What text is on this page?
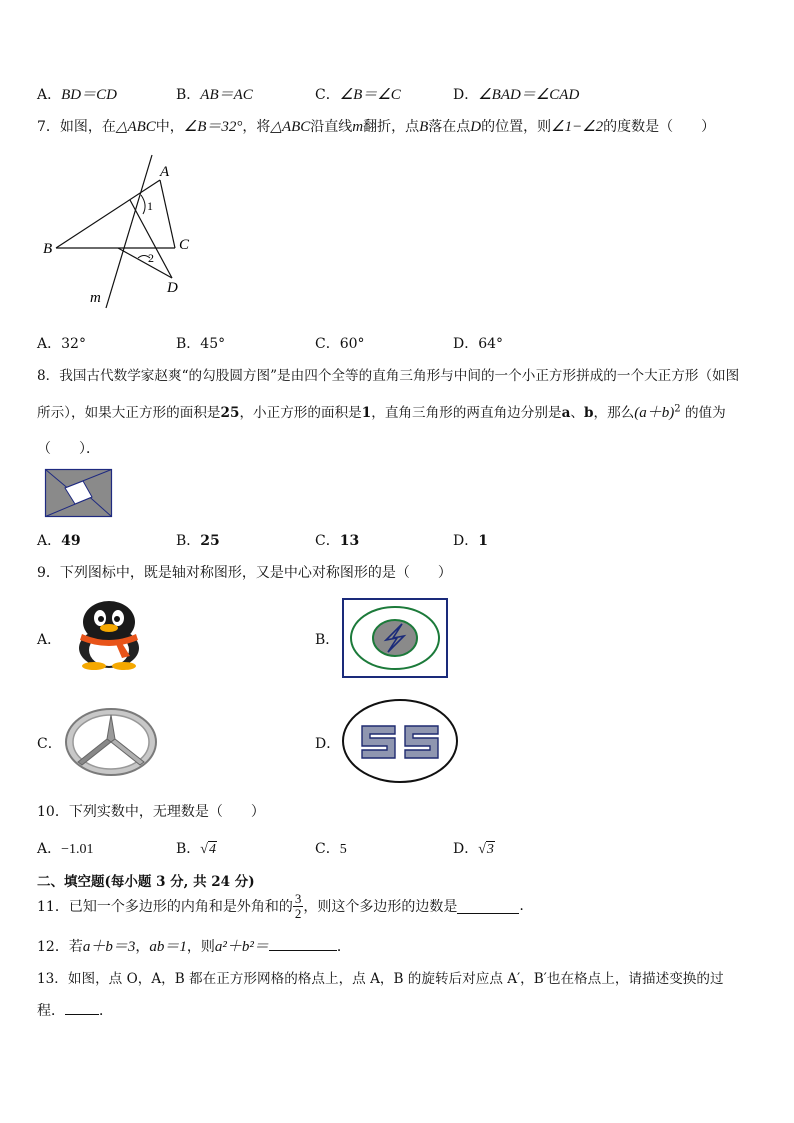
A．BD＝CD	B．AB＝AC	C．∠B＝∠C	D．∠BAD＝∠CAD
7．如图，在△ABC中，∠B＝32°，将△ABC沿直线m翻折，点B落在点D的位置，则∠1−∠2的度数是（　　）
A
B	C
D
1
2
m
A．32°	B．45°	C．60°	D．64°
8．我国古代数学家赵爽“的勾股圆方图”是由四个全等的直角三角形与中间的一个小正方形拼成的一个大正方形（如图
所示），如果大正方形的面积是25，小正方形的面积是1，直角三角形的两直角边分别是a、b，那么$(a+b)^2$ 的值为
（　　）．
A．49	B．25	C．13	D．1
9．下列图标中，既是轴对称图形，又是中心对称图形的是（　　）
A．	B．
C．	D．
10．下列实数中，无理数是（　　）
A．−1.01	B．√4	C．5	D．√3
二、填空题(每小题 3 分, 共 24 分)
11．已知一个多边形的内角和是外角和的 $\frac{3}{2}$ ，则这个多边形的边数是	.
12．若a＋b＝3，ab＝1，则a²＋b²＝	．
13．如图，点 O，A，B 都在正方形网格的格点上，点 A，B 的旋转后对应点 A′，B′也在格点上，请描述变换的过
程． ．
